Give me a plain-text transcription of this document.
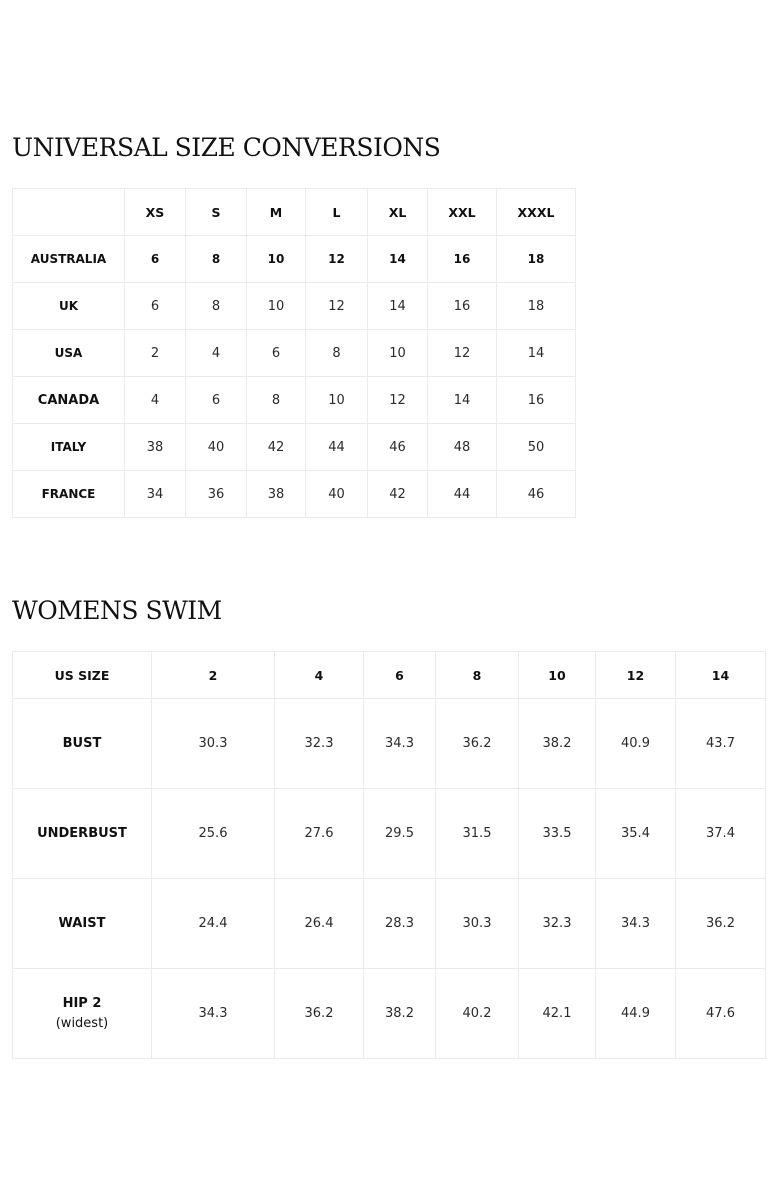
UNIVERSAL SIZE CONVERSIONS
	XS	S	M	L	XL	XXL	XXXL
AUSTRALIA	6	8	10	12	14	16	18
UK	6	8	10	12	14	16	18
USA	2	4	6	8	10	12	14
CANADA	4	6	8	10	12	14	16
ITALY	38	40	42	44	46	48	50
FRANCE	34	36	38	40	42	44	46
WOMENS SWIM
US SIZE	2	4	6	8	10	12	14
BUST	30.3	32.3	34.3	36.2	38.2	40.9	43.7
UNDERBUST	25.6	27.6	29.5	31.5	33.5	35.4	37.4
WAIST	24.4	26.4	28.3	30.3	32.3	34.3	36.2
HIP 2
(widest)	34.3	36.2	38.2	40.2	42.1	44.9	47.6
